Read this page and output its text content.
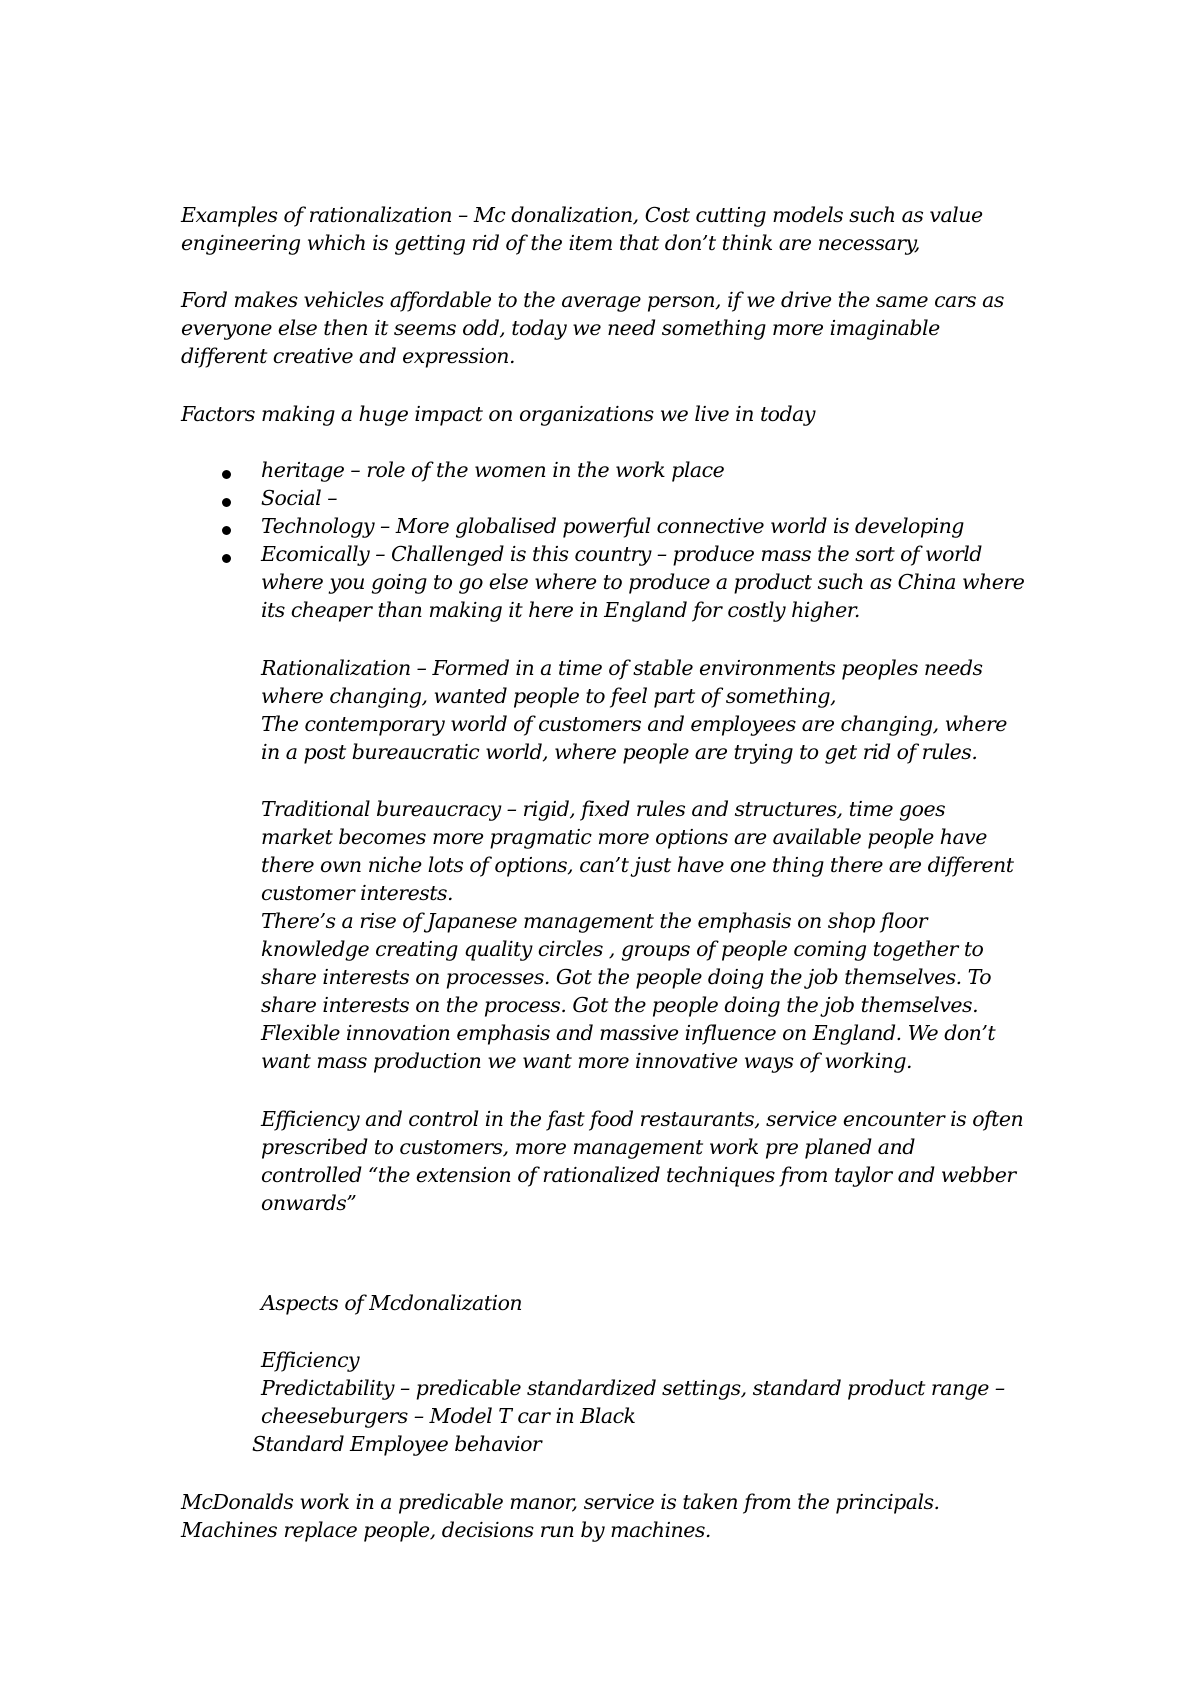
Examples of rationalization – Mc donalization, Cost cutting models such as value
engineering which is getting rid of the item that don’t think are necessary,
Ford makes vehicles affordable to the average person, if we drive the same cars as
everyone else then it seems odd, today we need something more imaginable
different creative and expression.
Factors making a huge impact on organizations we live in today
heritage – role of the women in the work place
Social –
Technology – More globalised powerful connective world is developing
Ecomically – Challenged is this country – produce mass the sort of world
where you going to go else where to produce a product such as China where
its cheaper than making it here in England for costly higher.
Rationalization – Formed in a time of stable environments peoples needs
where changing, wanted people to feel part of something,
The contemporary world of customers and employees are changing, where
in a post bureaucratic world, where people are trying to get rid of rules.
Traditional bureaucracy – rigid, fixed rules and structures, time goes
market becomes more pragmatic more options are available people have
there own niche lots of options, can’t just have one thing there are different
customer interests.
There’s a rise of Japanese management the emphasis on shop floor
knowledge creating quality circles , groups of people coming together to
share interests on processes. Got the people doing the job themselves. To
share interests on the process. Got the people doing the job themselves.
Flexible innovation emphasis and massive influence on England. We don’t
want mass production we want more innovative ways of working.
Efficiency and control in the fast food restaurants, service encounter is often
prescribed to customers, more management work pre planed and
controlled “the extension of rationalized techniques from taylor and webber
onwards”
Aspects of Mcdonalization
Efficiency
Predictability – predicable standardized settings, standard product range –
cheeseburgers – Model T car in Black
Standard Employee behavior
McDonalds work in a predicable manor, service is taken from the principals.
Machines replace people, decisions run by machines.
